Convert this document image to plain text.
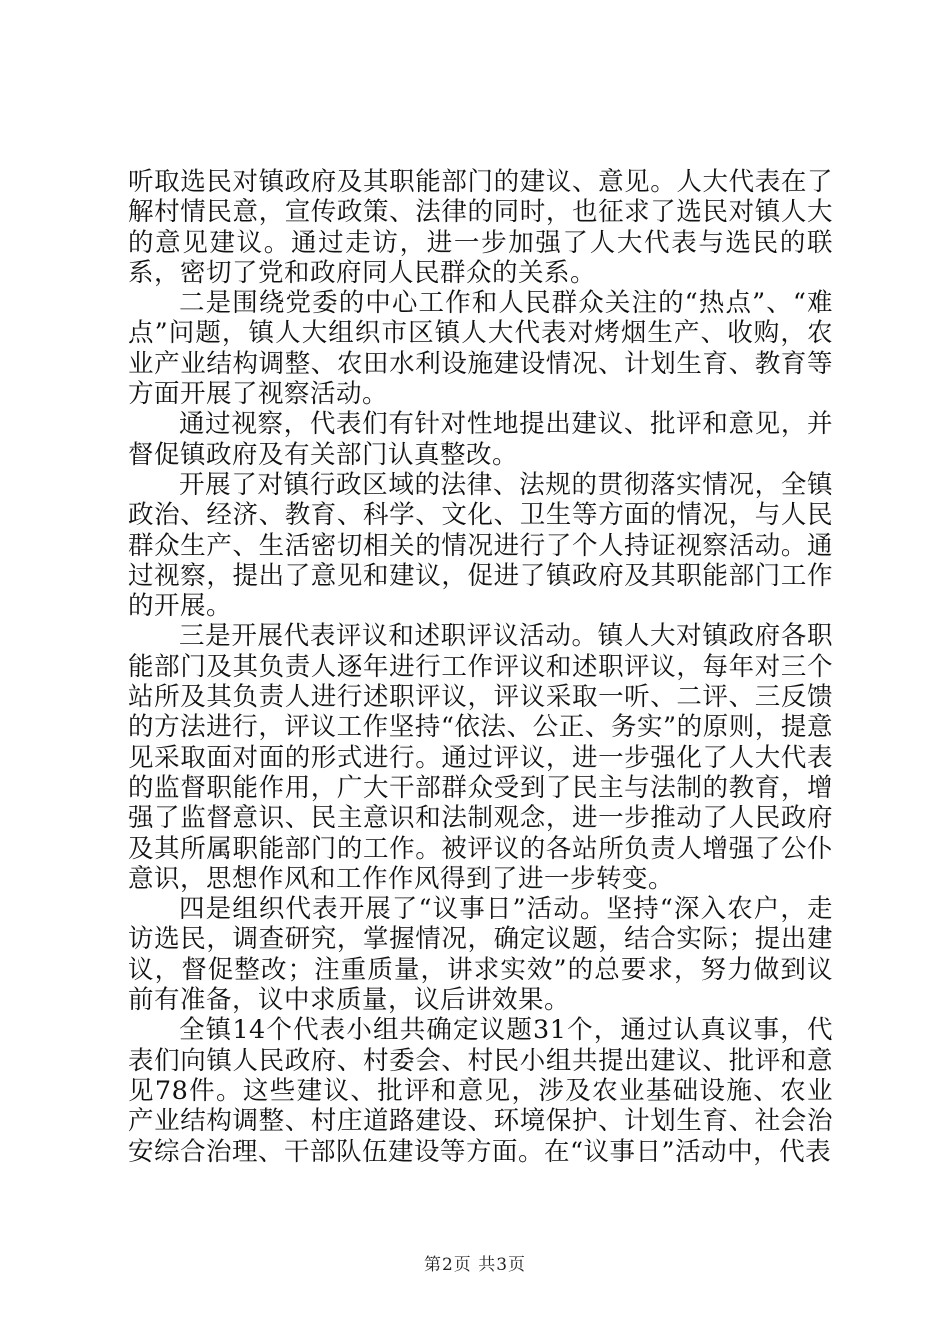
听取选民对镇政府及其职能部门的建议、意见。人大代表在了解村情民意，宣传政策、法律的同时，也征求了选民对镇人大的意见建议。通过走访，进一步加强了人大代表与选民的联系，密切了党和政府同人民群众的关系。

二是围绕党委的中心工作和人民群众关注的“热点”、“难点”问题，镇人大组织市区镇人大代表对烤烟生产、收购，农业产业结构调整、农田水利设施建设情况、计划生育、教育等方面开展了视察活动。

通过视察，代表们有针对性地提出建议、批评和意见，并督促镇政府及有关部门认真整改。

开展了对镇行政区域的法律、法规的贯彻落实情况，全镇政治、经济、教育、科学、文化、卫生等方面的情况，与人民群众生产、生活密切相关的情况进行了个人持证视察活动。通过视察，提出了意见和建议，促进了镇政府及其职能部门工作的开展。

三是开展代表评议和述职评议活动。镇人大对镇政府各职能部门及其负责人逐年进行工作评议和述职评议，每年对三个站所及其负责人进行述职评议，评议采取一听、二评、三反馈的方法进行，评议工作坚持“依法、公正、务实”的原则，提意见采取面对面的形式进行。通过评议，进一步强化了人大代表的监督职能作用，广大干部群众受到了民主与法制的教育，增强了监督意识、民主意识和法制观念，进一步推动了人民政府及其所属职能部门的工作。被评议的各站所负责人增强了公仆意识，思想作风和工作作风得到了进一步转变。

四是组织代表开展了“议事日”活动。坚持“深入农户，走访选民，调查研究，掌握情况，确定议题，结合实际；提出建议，督促整改；注重质量，讲求实效”的总要求，努力做到议前有准备，议中求质量，议后讲效果。

全镇14个代表小组共确定议题31个，通过认真议事，代表们向镇人民政府、村委会、村民小组共提出建议、批评和意见78件。这些建议、批评和意见，涉及农业基础设施、农业产业结构调整、村庄道路建设、环境保护、计划生育、社会治安综合治理、干部队伍建设等方面。在“议事日”活动中，代表

第2页 共3页
